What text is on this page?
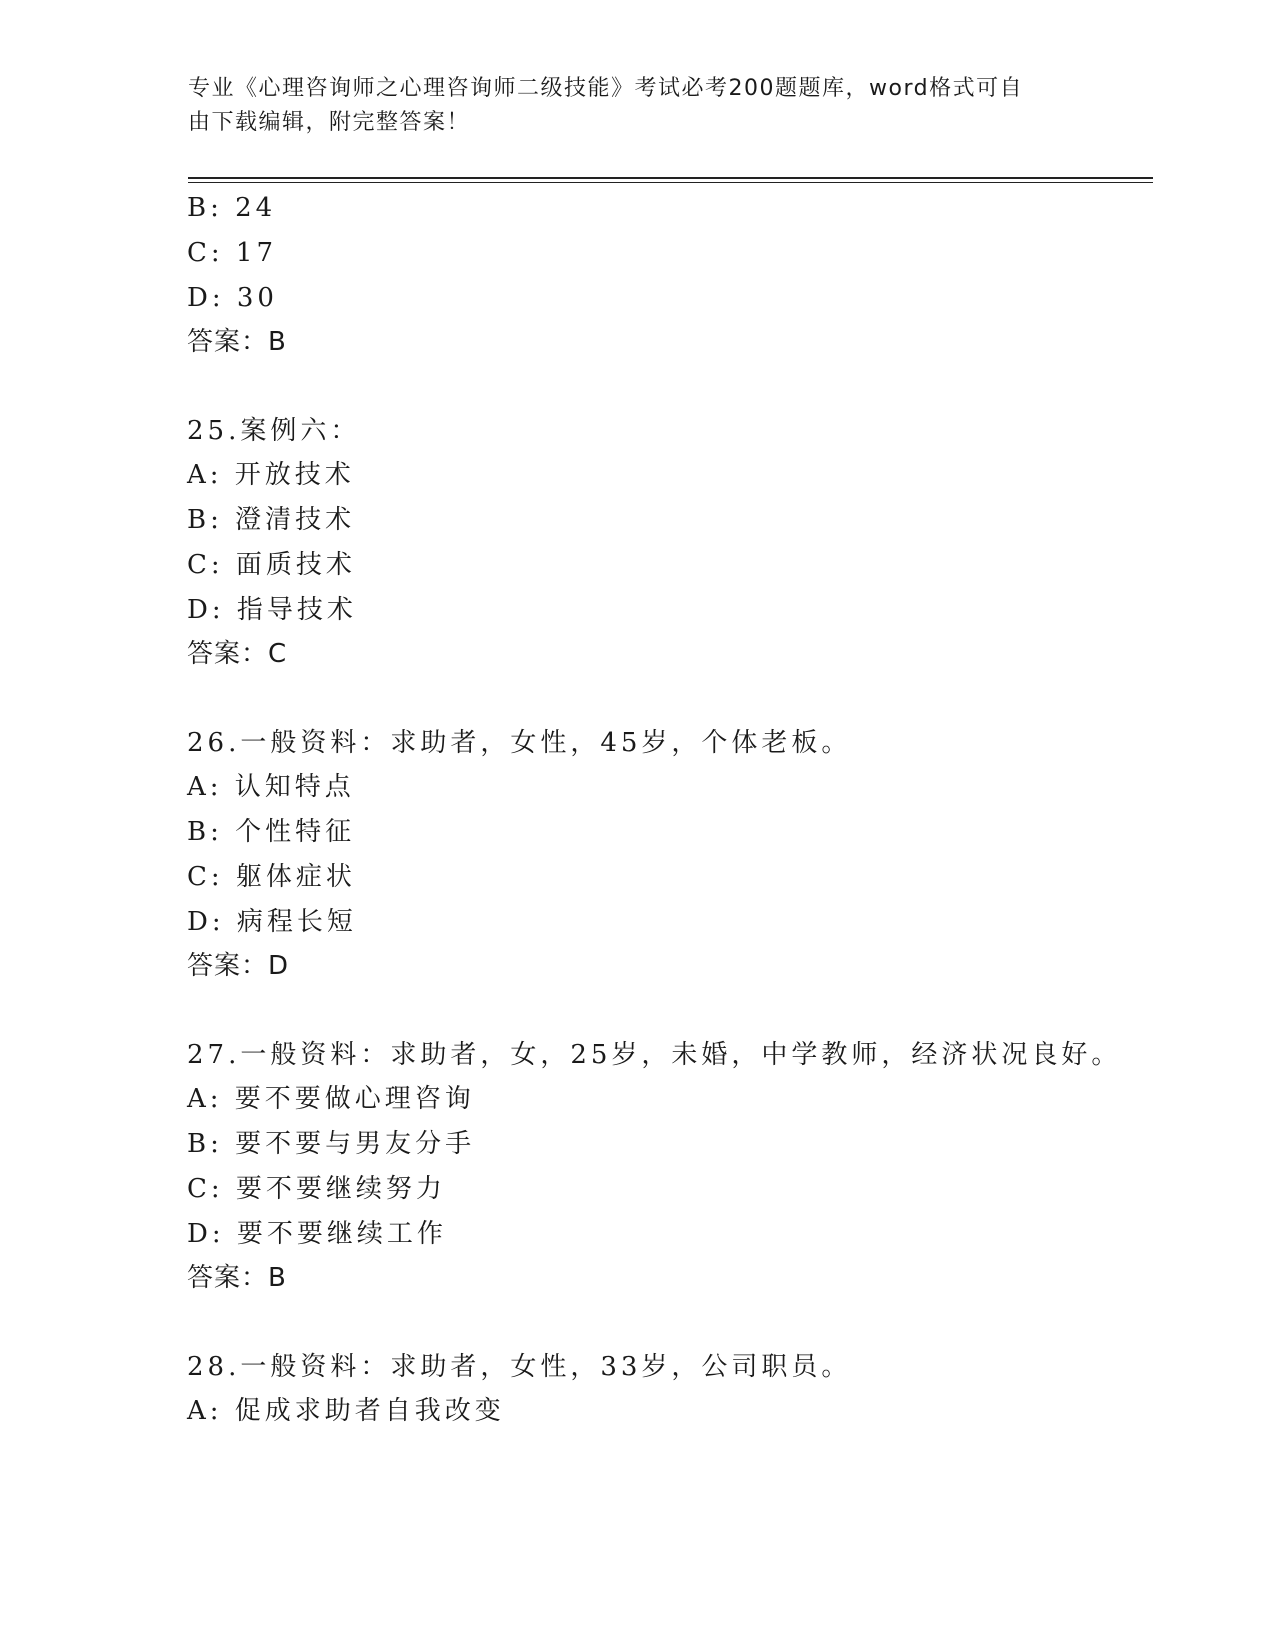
专业《心理咨询师之心理咨询师二级技能》考试必考200题题库，word格式可自

由下载编辑，附完整答案！

B: 24
C: 17
D: 30
答案：B
25.案例六：
A: 开放技术
B: 澄清技术
C: 面质技术
D: 指导技术
答案：C
26.一般资料：求助者，女性，45岁，个体老板。
A: 认知特点
B: 个性特征
C: 躯体症状
D: 病程长短
答案：D
27.一般资料：求助者，女，25岁，未婚，中学教师，经济状况良好。
A: 要不要做心理咨询
B: 要不要与男友分手
C: 要不要继续努力
D: 要不要继续工作
答案：B
28.一般资料：求助者，女性，33岁，公司职员。
A: 促成求助者自我改变
